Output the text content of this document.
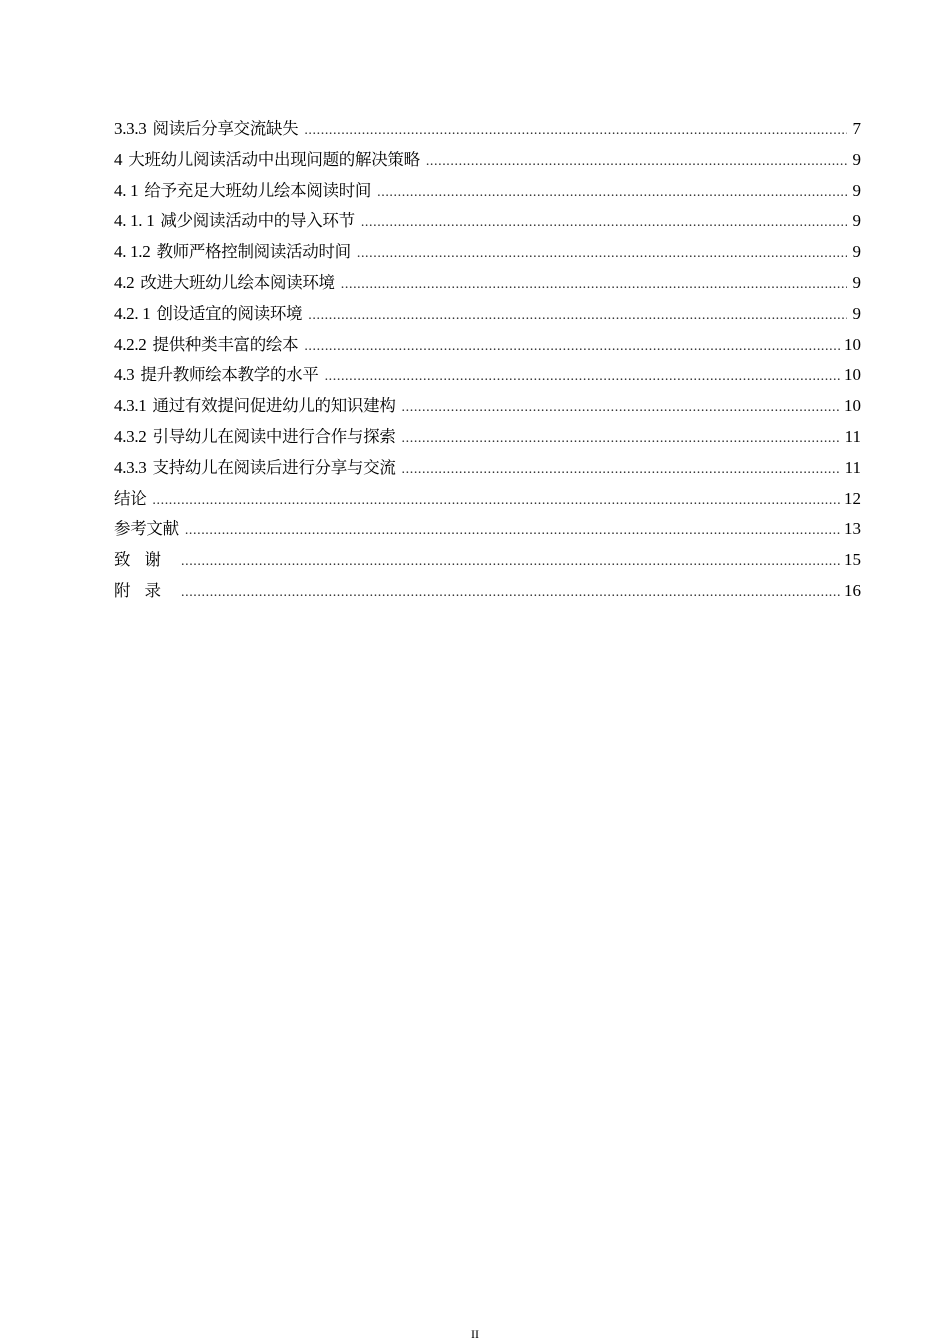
3.3.3 阅读后分享交流缺失 .....	7
4 大班幼儿阅读活动中出现问题的解决策略 .....	9
4. 1 给予充足大班幼儿绘本阅读时间 .....	9
4. 1. 1 减少阅读活动中的导入环节 .....	9
4. 1.2 教师严格控制阅读活动时间 .....	9
4.2 改进大班幼儿绘本阅读环境 .....	9
4.2. 1 创设适宜的阅读环境 .....	9
4.2.2 提供种类丰富的绘本 .....	10
4.3 提升教师绘本教学的水平 .....	10
4.3.1 通过有效提问促进幼儿的知识建构 .....	10
4.3.2 引导幼儿在阅读中进行合作与探索 .....	11
4.3.3 支持幼儿在阅读后进行分享与交流 .....	11
结论 .....	12
参考文献 .....	13
致谢 .....	15
附录 .....	16
II
